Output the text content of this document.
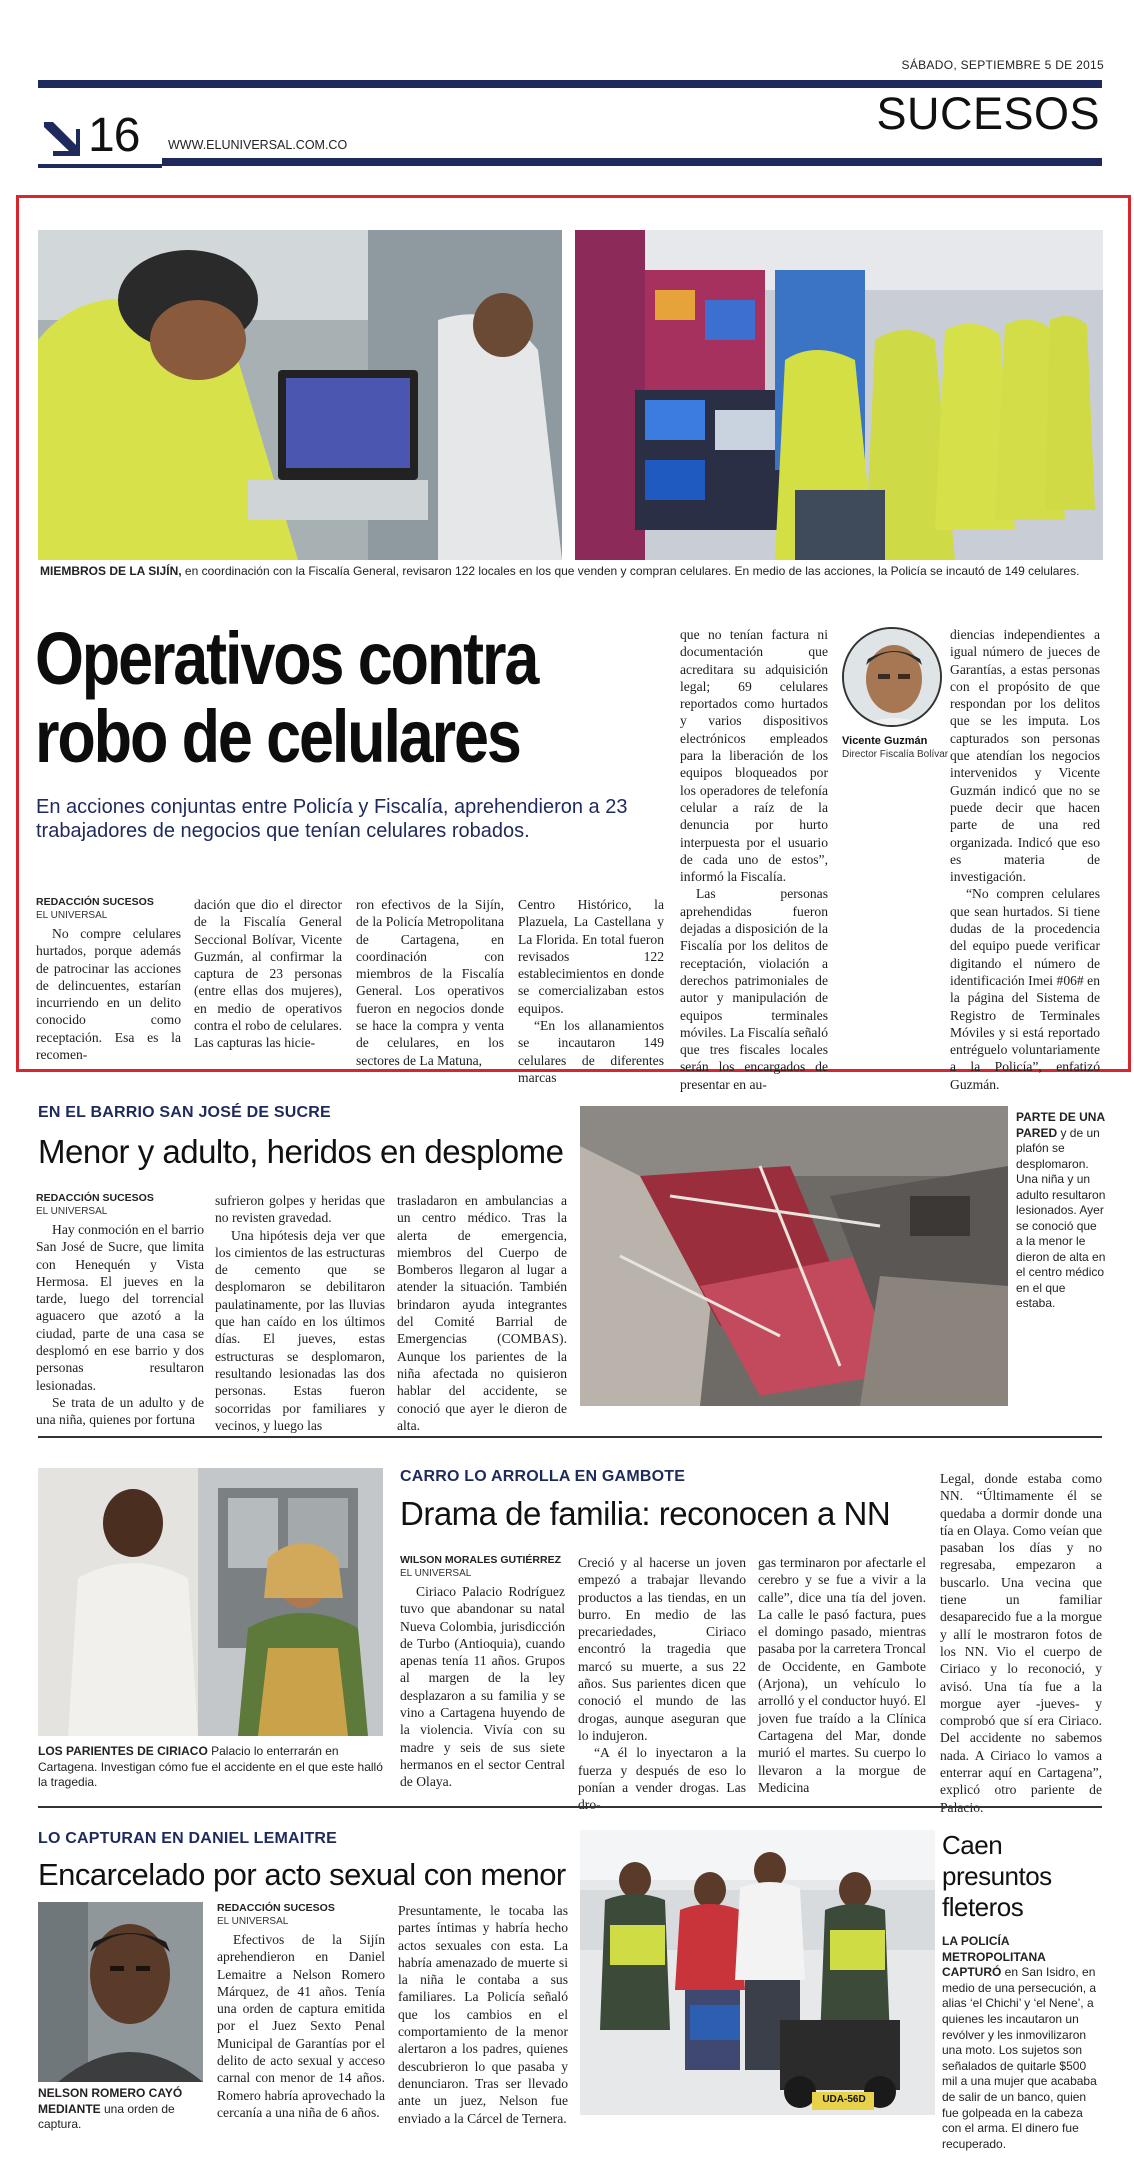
SÁBADO, SEPTIEMBRE 5 DE 2015
16 WWW.ELUNIVERSAL.COM.CO
SUCESOS
MIEMBROS DE LA SIJÍN, en coordinación con la Fiscalía General, revisaron 122 locales en los que venden y compran celulares. En medio de las acciones, la Policía se incautó de 149 celulares.
Operativos contra
robo de celulares
En acciones conjuntas entre Policía y Fiscalía, aprehendieron a 23 trabajadores de negocios que tenían celulares robados.
REDACCIÓN SUCESOS
EL UNIVERSAL

No compre celulares hurtados, porque además de patrocinar las acciones de delincuentes, estarían incurriendo en un delito conocido como receptación. Esa es la recomen-

dación que dio el director de la Fiscalía General Seccional Bolívar, Vicente Guzmán, al confirmar la captura de 23 personas (entre ellas dos mujeres), en medio de operativos contra el robo de celulares. Las capturas las hicie-

ron efectivos de la Sijín, de la Policía Metropolitana de Cartagena, en coordinación con miembros de la Fiscalía General. Los operativos fueron en negocios donde se hace la compra y venta de celulares, en los sectores de La Matuna,

Centro Histórico, la Plazuela, La Castellana y La Florida. En total fueron revisados 122 establecimientos en donde se comercializaban estos equipos.

“En los allanamientos se incautaron 149 celulares de diferentes marcas

que no tenían factura ni documentación que acreditara su adquisición legal; 69 celulares reportados como hurtados y varios dispositivos electrónicos empleados para la liberación de los equipos bloqueados por los operadores de telefonía celular a raíz de la denuncia por hurto interpuesta por el usuario de cada uno de estos”, informó la Fiscalía.

Las personas aprehendidas fueron dejadas a disposición de la Fiscalía por los delitos de receptación, violación a derechos patrimoniales de autor y manipulación de equipos terminales móviles. La Fiscalía señaló que tres fiscales locales serán los encargados de presentar en au-

Vicente Guzmán
Director Fiscalía Bolívar

diencias independientes a igual número de jueces de Garantías, a estas personas con el propósito de que respondan por los delitos que se les imputa. Los capturados son personas que atendían los negocios intervenidos y Vicente Guzmán indicó que no se puede decir que hacen parte de una red organizada. Indicó que eso es materia de investigación.

“No compren celulares que sean hurtados. Si tiene dudas de la procedencia del equipo puede verificar digitando el número de identificación Imei #06# en la página del Sistema de Registro de Terminales Móviles y si está reportado entréguelo voluntariamente a la Policía”, enfatizó Guzmán.

EN EL BARRIO SAN JOSÉ DE SUCRE
Menor y adulto, heridos en desplome
REDACCIÓN SUCESOS
EL UNIVERSAL

Hay conmoción en el barrio San José de Sucre, que limita con Henequén y Vista Hermosa. El jueves en la tarde, luego del torrencial aguacero que azotó a la ciudad, parte de una casa se desplomó en ese barrio y dos personas resultaron lesionadas.

Se trata de un adulto y de una niña, quienes por fortuna

sufrieron golpes y heridas que no revisten gravedad.

Una hipótesis deja ver que los cimientos de las estructuras de cemento que se desplomaron se debilitaron paulatinamente, por las lluvias que han caído en los últimos días. El jueves, estas estructuras se desplomaron, resultando lesionadas las dos personas. Estas fueron socorridas por familiares y vecinos, y luego las

trasladaron en ambulancias a un centro médico. Tras la alerta de emergencia, miembros del Cuerpo de Bomberos llegaron al lugar a atender la situación. También brindaron ayuda integrantes del Comité Barrial de Emergencias (COMBAS). Aunque los parientes de la niña afectada no quisieron hablar del accidente, se conoció que ayer le dieron de alta.

PARTE DE UNA PARED y de un plafón se desplomaron. Una niña y un adulto resultaron lesionados. Ayer se conoció que a la menor le dieron de alta en el centro médico en el que estaba.
LOS PARIENTES DE CIRIACO Palacio lo enterrarán en Cartagena. Investigan cómo fue el accidente en el que este halló la tragedia.
CARRO LO ARROLLA EN GAMBOTE
Drama de familia: reconocen a NN
WILSON MORALES GUTIÉRREZ
EL UNIVERSAL

Ciriaco Palacio Rodríguez tuvo que abandonar su natal Nueva Colombia, jurisdicción de Turbo (Antioquia), cuando apenas tenía 11 años. Grupos al margen de la ley desplazaron a su familia y se vino a Cartagena huyendo de la violencia. Vivía con su madre y seis de sus siete hermanos en el sector Central de Olaya.

Creció y al hacerse un joven empezó a trabajar llevando productos a las tiendas, en un burro. En medio de las precariedades, Ciriaco encontró la tragedia que marcó su muerte, a sus 22 años. Sus parientes dicen que conoció el mundo de las drogas, aunque aseguran que lo indujeron.

“A él lo inyectaron a la fuerza y después de eso lo ponían a vender drogas. Las dro-

gas terminaron por afectarle el cerebro y se fue a vivir a la calle”, dice una tía del joven. La calle le pasó factura, pues el domingo pasado, mientras pasaba por la carretera Troncal de Occidente, en Gambote (Arjona), un vehículo lo arrolló y el conductor huyó. El joven fue traído a la Clínica Cartagena del Mar, donde murió el martes. Su cuerpo lo llevaron a la morgue de Medicina

Legal, donde estaba como NN. “Últimamente él se quedaba a dormir donde una tía en Olaya. Como veían que pasaban los días y no regresaba, empezaron a buscarlo. Una vecina que tiene un familiar desaparecido fue a la morgue y allí le mostraron fotos de los NN. Vio el cuerpo de Ciriaco y lo reconoció, y avisó. Una tía fue a la morgue ayer -jueves- y comprobó que sí era Ciriaco. Del accidente no sabemos nada. A Ciriaco lo vamos a enterrar aquí en Cartagena”, explicó otro pariente de Palacio.

LO CAPTURAN EN DANIEL LEMAITRE
Encarcelado por acto sexual con menor
NELSON ROMERO CAYÓ MEDIANTE una orden de captura.
REDACCIÓN SUCESOS
EL UNIVERSAL

Efectivos de la Sijín aprehendieron en Daniel Lemaitre a Nelson Romero Márquez, de 41 años. Tenía una orden de captura emitida por el Juez Sexto Penal Municipal de Garantías por el delito de acto sexual y acceso carnal con menor de 14 años. Romero habría aprovechado la cercanía a una niña de 6 años.

Presuntamente, le tocaba las partes íntimas y habría hecho actos sexuales con esta. La habría amenazado de muerte si la niña le contaba a sus familiares. La Policía señaló que los cambios en el comportamiento de la menor alertaron a los padres, quienes descubrieron lo que pasaba y denunciaron. Tras ser llevado ante un juez, Nelson fue enviado a la Cárcel de Ternera.

UDA-56D
Caen
presuntos
fleteros
LA POLICÍA METROPOLITANA CAPTURÓ en San Isidro, en medio de una persecución, a alias ‘el Chichi’ y ‘el Nene’, a quienes les incautaron un revólver y les inmovilizaron una moto. Los sujetos son señalados de quitarle $500 mil a una mujer que acababa de salir de un banco, quien fue golpeada en la cabeza con el arma. El dinero fue recuperado.
